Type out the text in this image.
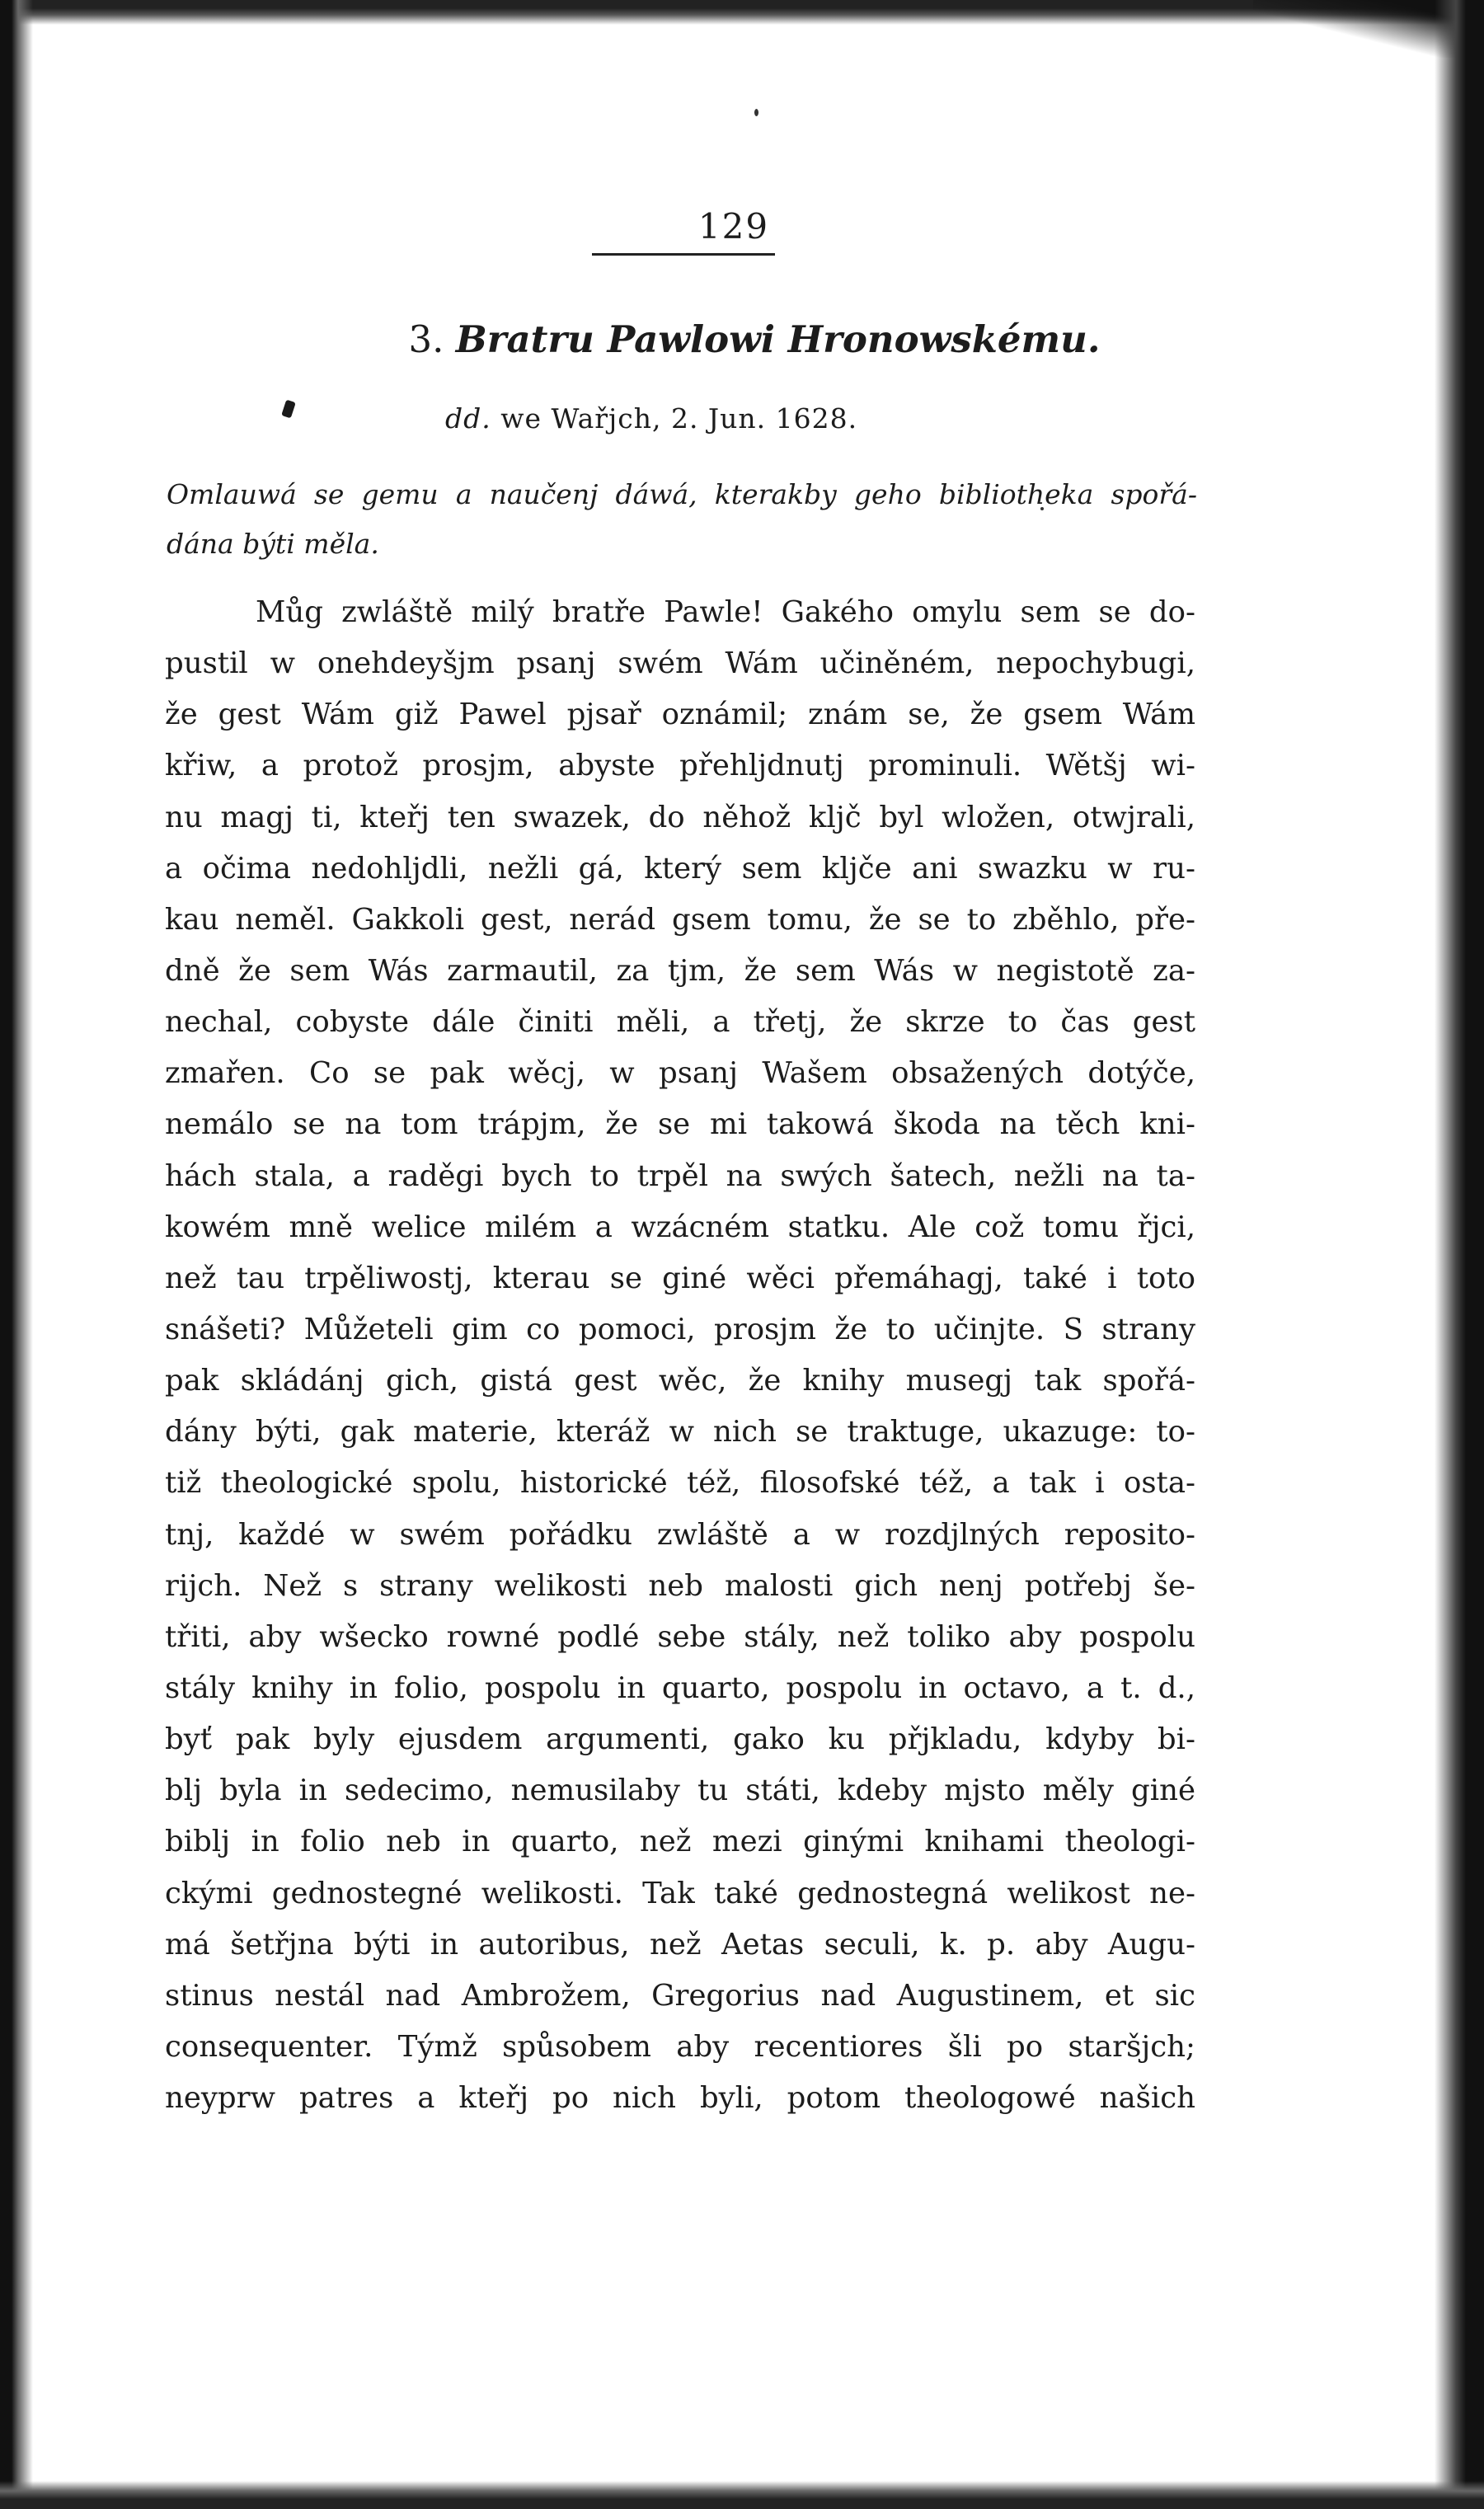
129
3. Bratru Pawlowi Hronowskému.
dd. we Wařjch, 2. Jun. 1628.
Omlauwá se gemu a naučenj dáwá, kterakby geho bibliotheka spořá-
dána býti měla.
Můg zwláště milý bratře Pawle! Gakého omylu sem se do-
pustil w onehdeyšjm psanj swém Wám učiněném, nepochybugi,
že gest Wám giž Pawel pjsař oznámil; znám se, že gsem Wám
křiw, a protož prosjm, abyste přehljdnutj prominuli. Wětšj wi-
nu magj ti, kteřj ten swazek, do něhož kljč byl wložen, otwjrali,
a očima nedohljdli, nežli gá, který sem kljče ani swazku w ru-
kau neměl. Gakkoli gest, nerád gsem tomu, že se to zběhlo, pře-
dně že sem Wás zarmautil, za tjm, že sem Wás w negistotě za-
nechal, cobyste dále činiti měli, a třetj, že skrze to čas gest
zmařen. Co se pak wěcj, w psanj Wašem obsažených dotýče,
nemálo se na tom trápjm, že se mi takowá škoda na těch kni-
hách stala, a raděgi bych to trpěl na swých šatech, nežli na ta-
kowém mně welice milém a wzácném statku. Ale což tomu řjci,
než tau trpěliwostj, kterau se giné wěci přemáhagj, také i toto
snášeti? Můžeteli gim co pomoci, prosjm že to učinjte. S strany
pak skládánj gich, gistá gest wěc, že knihy musegj tak spořá-
dány býti, gak materie, kteráž w nich se traktuge, ukazuge: to-
tiž theologické spolu, historické též, filosofské též, a tak i osta-
tnj, každé w swém pořádku zwláště a w rozdjlných reposito-
rijch. Než s strany welikosti neb malosti gich nenj potřebj še-
třiti, aby wšecko rowné podlé sebe stály, než toliko aby pospolu
stály knihy in folio, pospolu in quarto, pospolu in octavo, a t. d.,
byť pak byly ejusdem argumenti, gako ku přjkladu, kdyby bi-
blj byla in sedecimo, nemusilaby tu státi, kdeby mjsto měly giné
biblj in folio neb in quarto, než mezi ginými knihami theologi-
ckými gednostegné welikosti. Tak také gednostegná welikost ne-
má šetřjna býti in autoribus, než Aetas seculi, k. p. aby Augu-
stinus nestál nad Ambrožem, Gregorius nad Augustinem, et sic
consequenter. Týmž spůsobem aby recentiores šli po staršjch;
neyprw patres a kteřj po nich byli, potom theologowé našich
